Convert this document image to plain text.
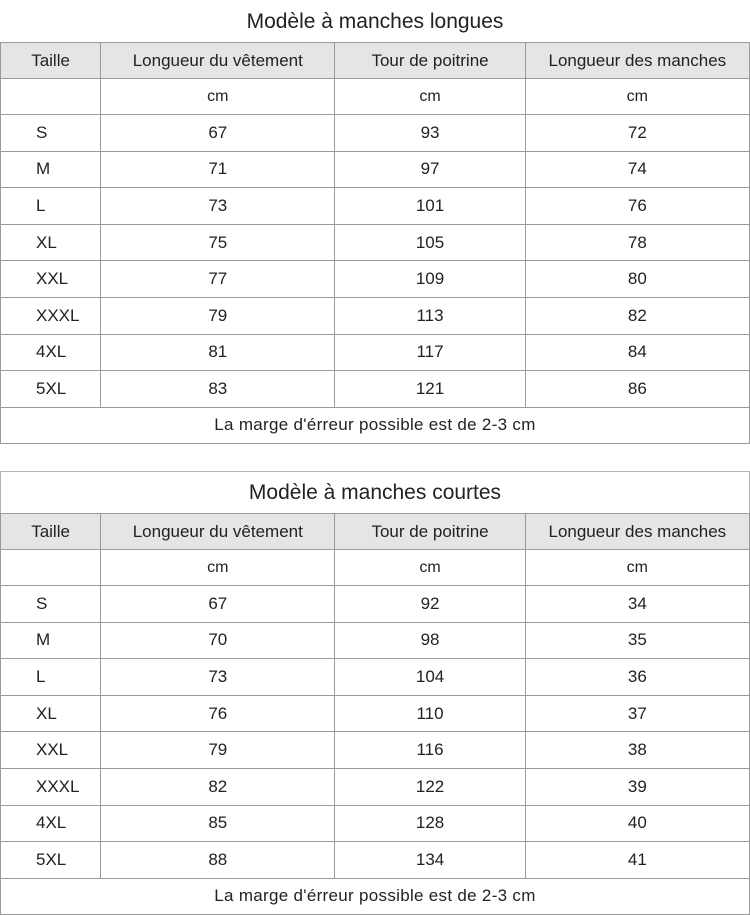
Modèle à manches longues			
Taille	Longueur du vêtement	Tour de poitrine	Longueur des manches
	cm	cm	cm
S	67	93	72
M	71	97	74
L	73	101	76
XL	75	105	78
XXL	77	109	80
XXXL	79	113	82
4XL	81	117	84
5XL	83	121	86
La marge d'érreur possible est de 2-3 cm			
Modèle à manches courtes			
Taille	Longueur du vêtement	Tour de poitrine	Longueur des manches
	cm	cm	cm
S	67	92	34
M	70	98	35
L	73	104	36
XL	76	110	37
XXL	79	116	38
XXXL	82	122	39
4XL	85	128	40
5XL	88	134	41
La marge d'érreur possible est de 2-3 cm			
